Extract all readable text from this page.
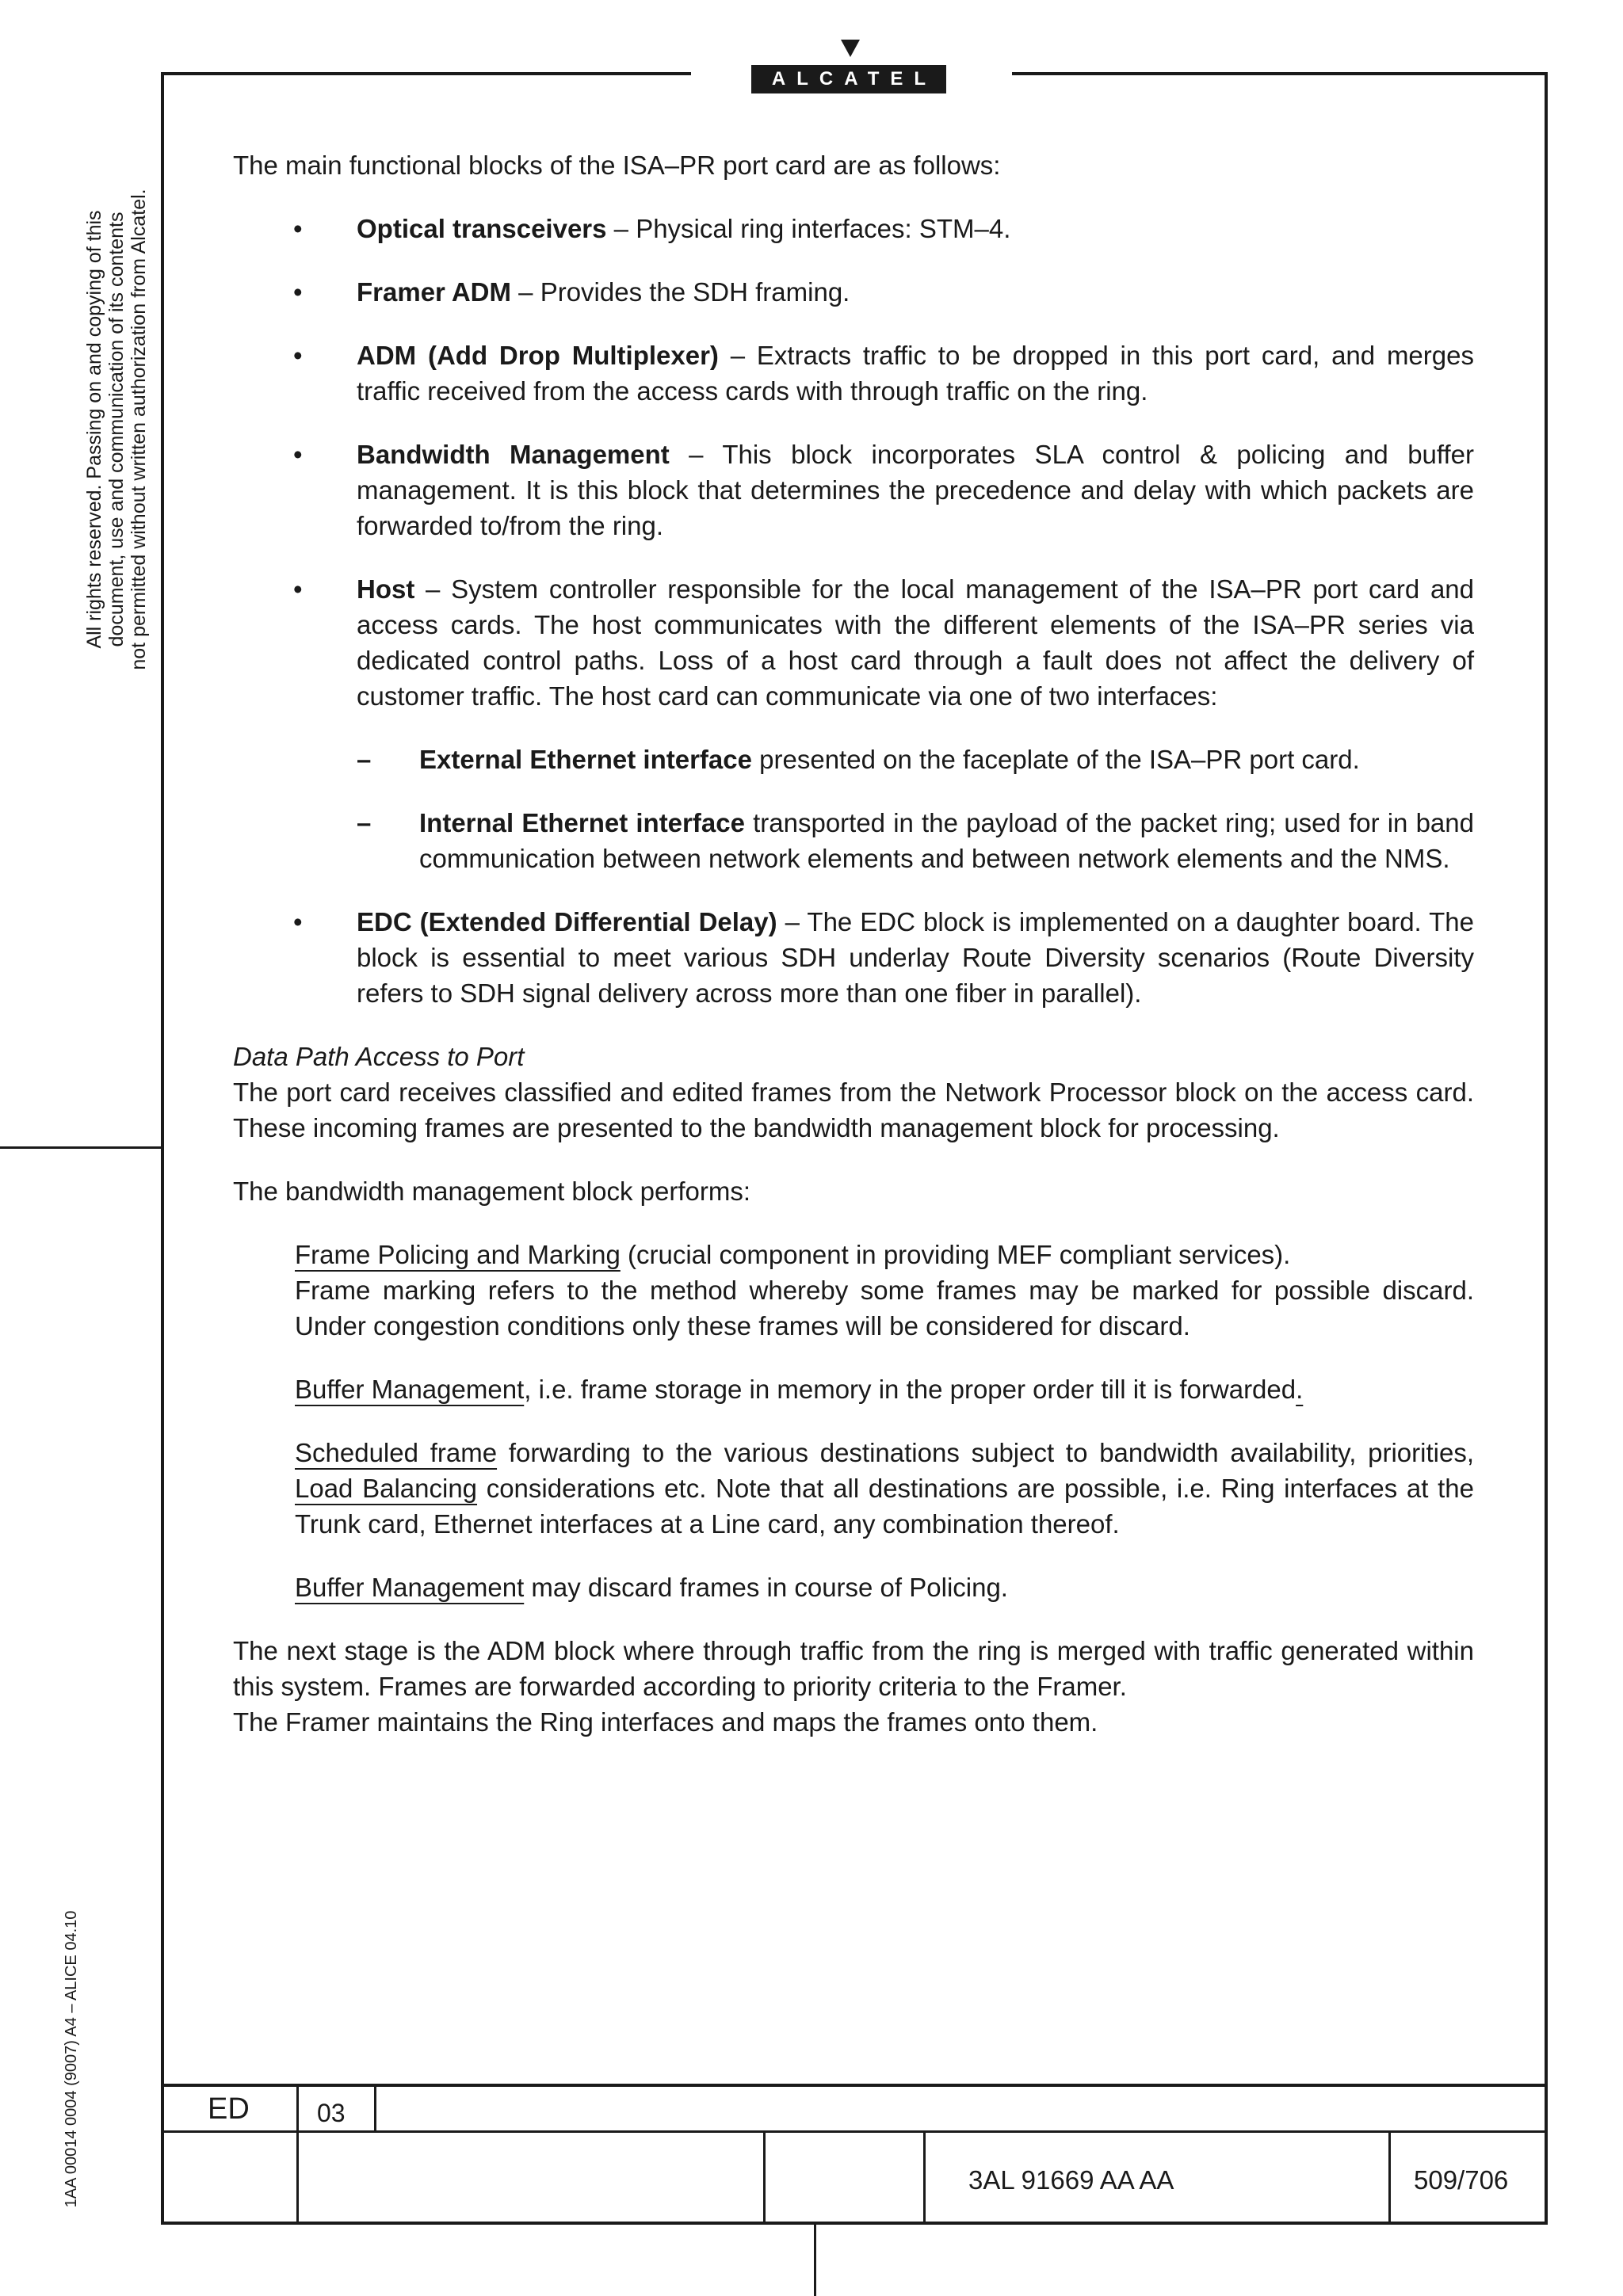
ALCATEL
All rights reserved. Passing on and copying of this document, use and communication of its contents not permitted without written authorization from Alcatel.
1AA 00014 0004 (9007) A4 – ALICE 04.10

The main functional blocks of the ISA–PR port card are as follows:

• Optical transceivers – Physical ring interfaces: STM–4.
• Framer ADM – Provides the SDH framing.
• ADM (Add Drop Multiplexer) – Extracts traffic to be dropped in this port card, and merges traffic received from the access cards with through traffic on the ring.
• Bandwidth Management – This block incorporates SLA control & policing and buffer management. It is this block that determines the precedence and delay with which packets are forwarded to/from the ring.
• Host – System controller responsible for the local management of the ISA–PR port card and access cards. The host communicates with the different elements of the ISA–PR series via dedicated control paths. Loss of a host card through a fault does not affect the delivery of customer traffic. The host card can communicate via one of two interfaces:
– External Ethernet interface presented on the faceplate of the ISA–PR port card.
– Internal Ethernet interface transported in the payload of the packet ring; used for in band communication between network elements and between network elements and the NMS.
• EDC (Extended Differential Delay) – The EDC block is implemented on a daughter board. The block is essential to meet various SDH underlay Route Diversity scenarios (Route Diversity refers to SDH signal delivery across more than one fiber in parallel).

Data Path Access to Port

The port card receives classified and edited frames from the Network Processor block on the access card. These incoming frames are presented to the bandwidth management block for processing.

The bandwidth management block performs:

Frame Policing and Marking (crucial component in providing MEF compliant services).
Frame marking refers to the method whereby some frames may be marked for possible discard. Under congestion conditions only these frames will be considered for discard.

Buffer Management, i.e. frame storage in memory in the proper order till it is forwarded.

Scheduled frame forwarding to the various destinations subject to bandwidth availability, priorities, Load Balancing considerations etc. Note that all destinations are possible, i.e. Ring interfaces at the Trunk card, Ethernet interfaces at a Line card, any combination thereof.

Buffer Management may discard frames in course of Policing.

The next stage is the ADM block where through traffic from the ring is merged with traffic generated within this system. Frames are forwarded according to priority criteria to the Framer.
The Framer maintains the Ring interfaces and maps the frames onto them.

ED	03
3AL 91669 AA AA	509/706
